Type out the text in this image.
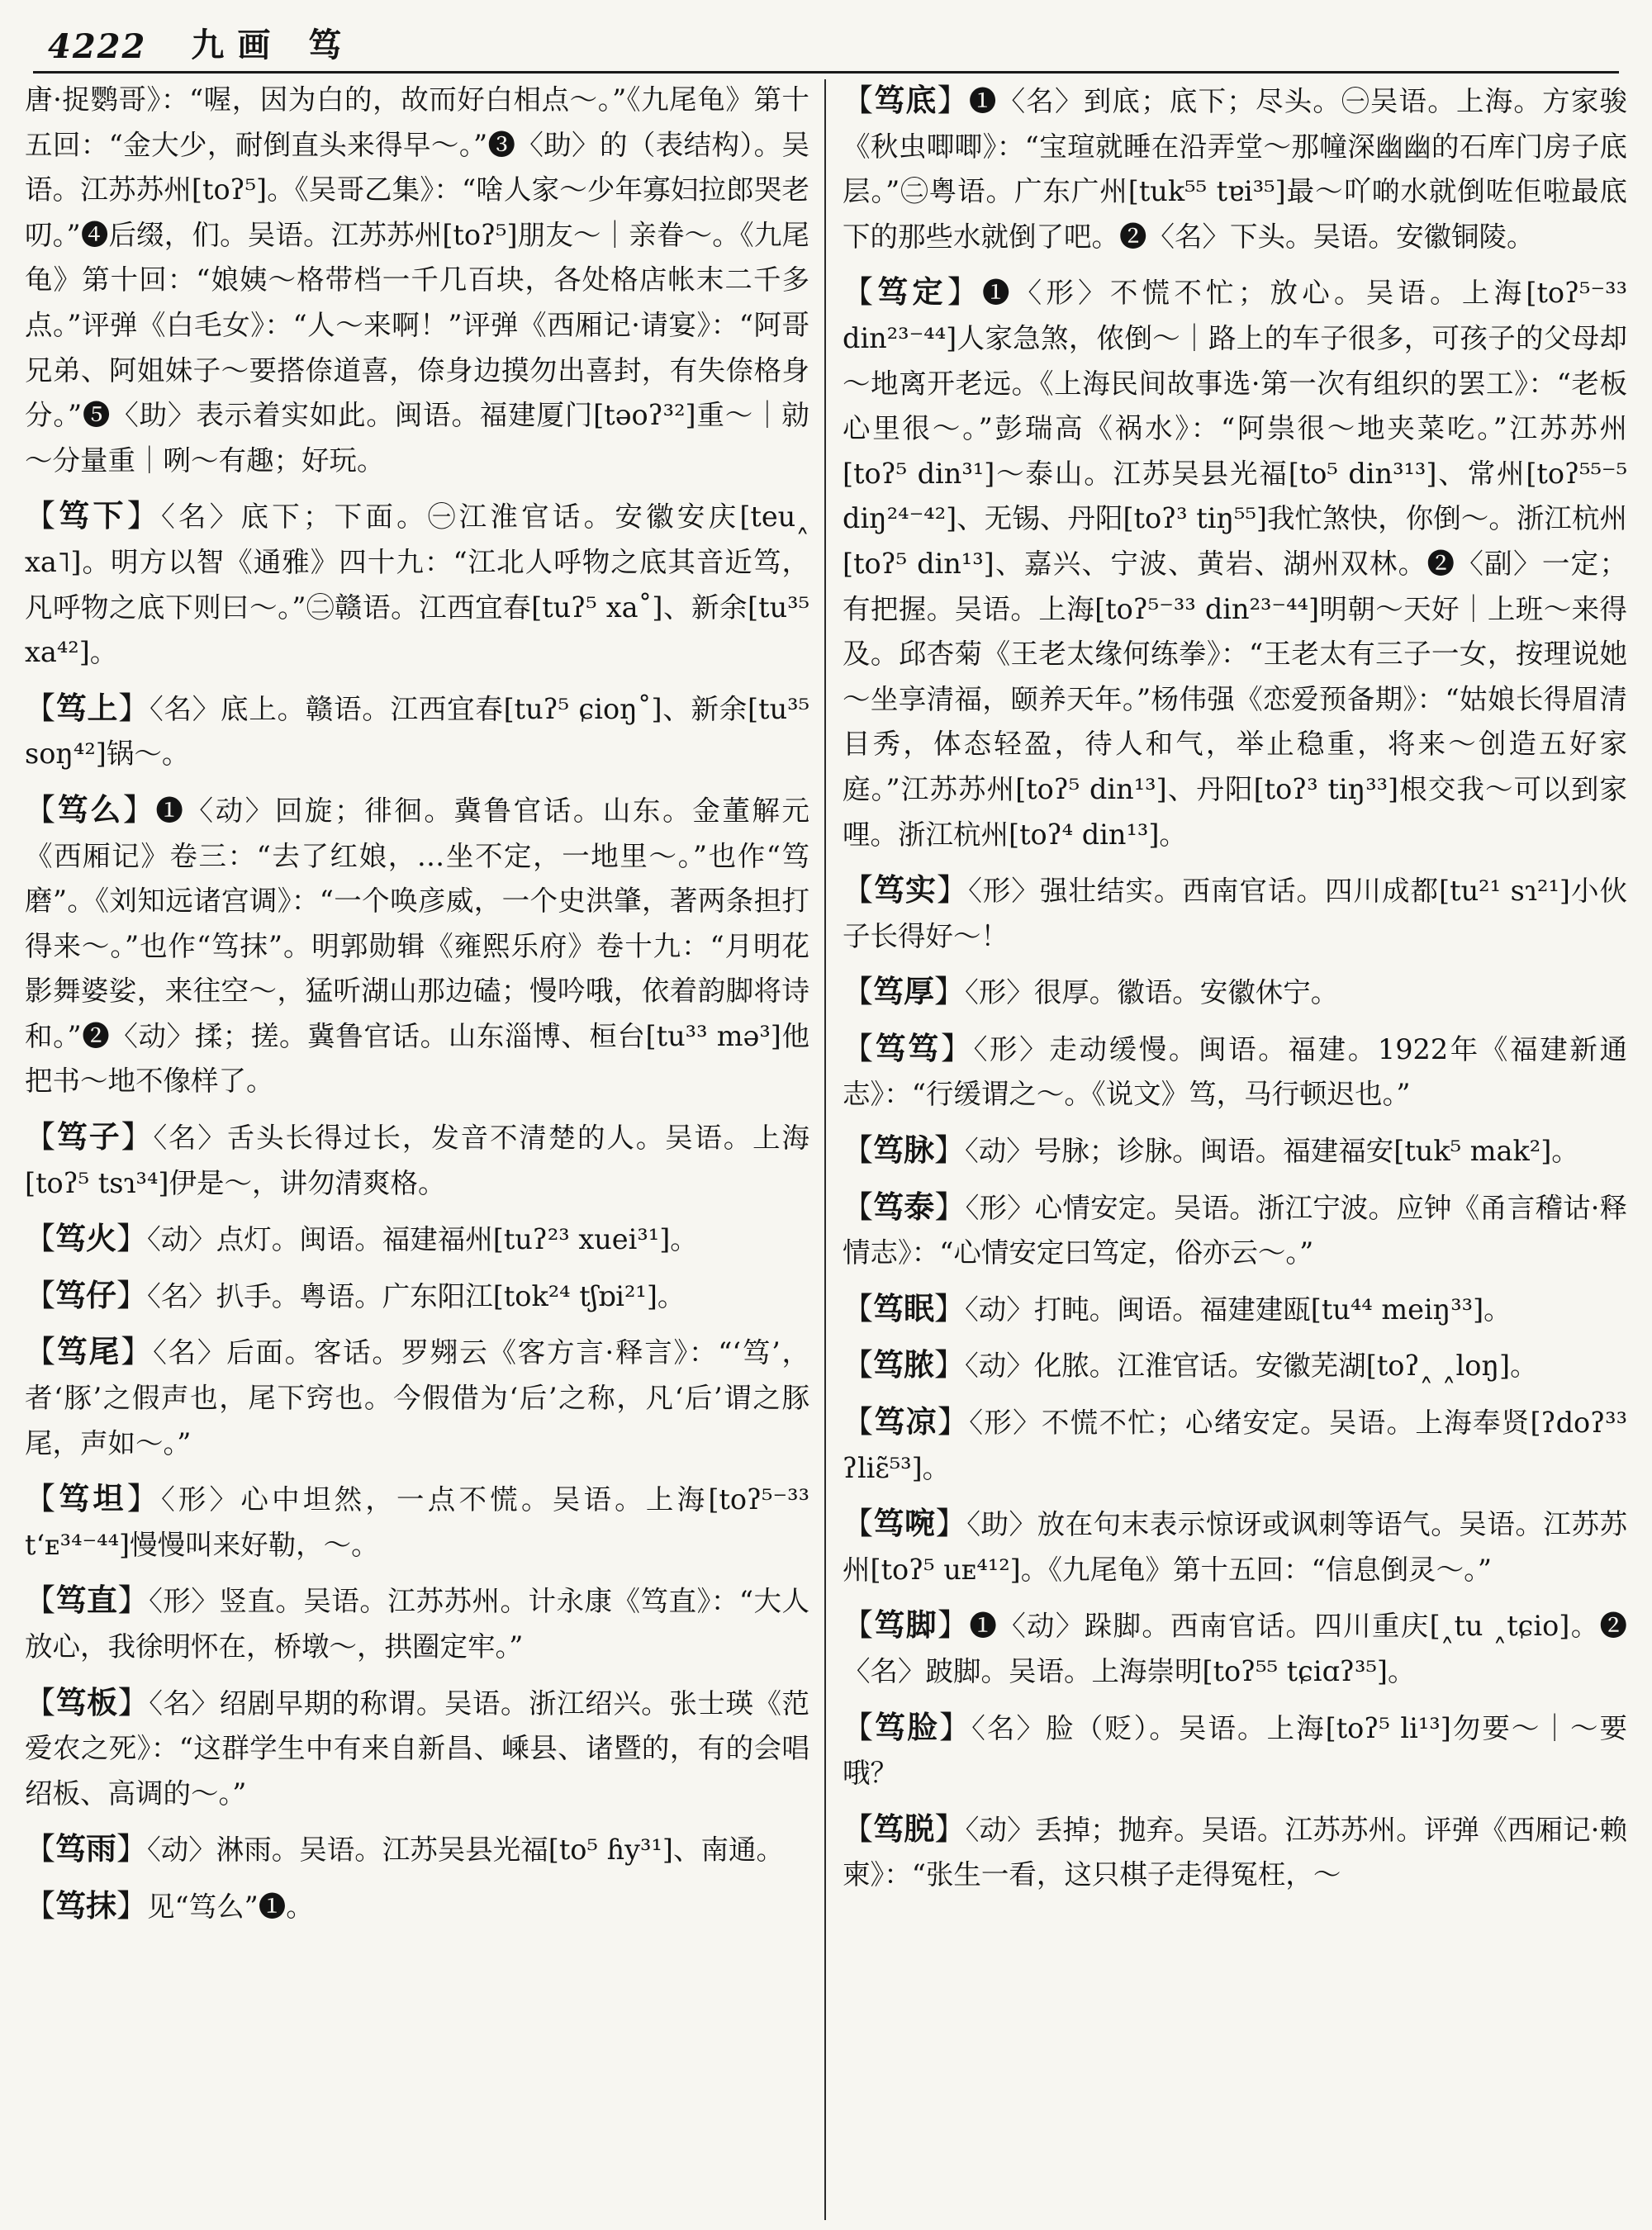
4222 九画 笃
唐·捉鹦哥》：“喔，因为白的，故而好白相点～。”《九尾龟》第十五回：“金大少，耐倒直头来得早～。”❸〈助〉的（表结构）。吴语。江苏苏州[toʔ⁵]。《吴哥乙集》：“啥人家～少年寡妇拉郎哭老叨。”❹后缀，们。吴语。江苏苏州[toʔ⁵]朋友～｜亲眷～。《九尾龟》第十回：“娘姨～格带档一千几百块，各处格店帐末二千多点。”评弹《白毛女》：“人～来啊！”评弹《西厢记·请宴》：“阿哥兄弟、阿姐妹子～要搭倷道喜，倷身边摸勿出喜封，有失倷格身分。”❺〈助〉表示着实如此。闽语。福建厦门[təoʔ³²]重～｜勍～分量重｜咧～有趣；好玩。
【笃下】〈名〉底下；下面。㊀江淮官话。安徽安庆[teu˰ xa˥]。明方以智《通雅》四十九：“江北人呼物之底其音近笃，凡呼物之底下则曰～。”㊁赣语。江西宜春[tuʔ⁵ xa˚]、新余[tu³⁵ xa⁴²]。
【笃上】〈名〉底上。赣语。江西宜春[tuʔ⁵ ɕioŋ˚]、新余[tu³⁵ soŋ⁴²]锅～。
【笃么】❶〈动〉回旋；徘徊。冀鲁官话。山东。金董解元《西厢记》卷三：“去了红娘，…坐不定，一地里～。”也作“笃磨”。《刘知远诸宫调》：“一个唤彦威，一个史洪肇，著两条担打得来～。”也作“笃抹”。明郭勋辑《雍熙乐府》卷十九：“月明花影舞婆娑，来往空～，猛听湖山那边磕；慢吟哦，依着韵脚将诗和。”❷〈动〉揉；搓。冀鲁官话。山东淄博、桓台[tu³³ mə³]他把书～地不像样了。
【笃子】〈名〉舌头长得过长，发音不清楚的人。吴语。上海[toʔ⁵ tsɿ³⁴]伊是～，讲勿清爽格。
【笃火】〈动〉点灯。闽语。福建福州[tuʔ²³ xuei³¹]。
【笃仔】〈名〉扒手。粤语。广东阳江[tok²⁴ tʃɒi²¹]。
【笃尾】〈名〉后面。客话。罗翙云《客方言·释言》：“‘笃’，者‘豚’之假声也，尾下窍也。今假借为‘后’之称，凡‘后’谓之豚尾，声如～。”
【笃坦】〈形〉心中坦然，一点不慌。吴语。上海[toʔ⁵⁻³³ tʻᴇ³⁴⁻⁴⁴]慢慢叫来好勒，～。
【笃直】〈形〉竖直。吴语。江苏苏州。计永康《笃直》：“大人放心，我徐明怀在，桥墩～，拱圈定牢。”
【笃板】〈名〉绍剧早期的称谓。吴语。浙江绍兴。张士瑛《范爱农之死》：“这群学生中有来自新昌、嵊县、诸暨的，有的会唱绍板、高调的～。”
【笃雨】〈动〉淋雨。吴语。江苏吴县光福[to⁵ ɦy³¹]、南通。
【笃抹】见“笃么”❶。
【笃底】❶〈名〉到底；底下；尽头。㊀吴语。上海。方家骏《秋虫唧唧》：“宝瑄就睡在沿弄堂～那幢深幽幽的石库门房子底层。”㊁粤语。广东广州[tuk⁵⁵ tɐi³⁵]最～吖啲水就倒咗佢啦最底下的那些水就倒了吧。❷〈名〉下头。吴语。安徽铜陵。
【笃定】❶〈形〉不慌不忙；放心。吴语。上海[toʔ⁵⁻³³ din²³⁻⁴⁴]人家急煞，侬倒～｜路上的车子很多，可孩子的父母却～地离开老远。《上海民间故事选·第一次有组织的罢工》：“老板心里很～。”彭瑞高《祸水》：“阿祟很～地夹菜吃。”江苏苏州[toʔ⁵ din³¹]～泰山。江苏吴县光福[to⁵ din³¹³]、常州[toʔ⁵⁵⁻⁵ diŋ²⁴⁻⁴²]、无锡、丹阳[toʔ³ tiŋ⁵⁵]我忙煞快，你倒～。浙江杭州[toʔ⁵ din¹³]、嘉兴、宁波、黄岩、湖州双林。❷〈副〉一定；有把握。吴语。上海[toʔ⁵⁻³³ din²³⁻⁴⁴]明朝～天好｜上班～来得及。邱杏菊《王老太缘何练拳》：“王老太有三子一女，按理说她～坐享清福，颐养天年。”杨伟强《恋爱预备期》：“姑娘长得眉清目秀，体态轻盈，待人和气，举止稳重，将来～创造五好家庭。”江苏苏州[toʔ⁵ din¹³]、丹阳[toʔ³ tiŋ³³]根交我～可以到家哩。浙江杭州[toʔ⁴ din¹³]。
【笃实】〈形〉强壮结实。西南官话。四川成都[tu²¹ sɿ²¹]小伙子长得好～！
【笃厚】〈形〉很厚。徽语。安徽休宁。
【笃笃】〈形〉走动缓慢。闽语。福建。1922年《福建新通志》：“行缓谓之～。《说文》笃，马行顿迟也。”
【笃脉】〈动〉号脉；诊脉。闽语。福建福安[tuk⁵ mak²]。
【笃泰】〈形〉心情安定。吴语。浙江宁波。应钟《甬言稽诂·释情志》：“心情安定曰笃定，俗亦云～。”
【笃眠】〈动〉打盹。闽语。福建建瓯[tu⁴⁴ meiŋ³³]。
【笃脓】〈动〉化脓。江淮官话。安徽芜湖[toʔ˰ ˰loŋ]。
【笃凉】〈形〉不慌不忙；心绪安定。吴语。上海奉贤[ʔdoʔ³³ ʔliɛ̃⁵³]。
【笃啘】〈助〉放在句末表示惊讶或讽刺等语气。吴语。江苏苏州[toʔ⁵ uᴇ⁴¹²]。《九尾龟》第十五回：“信息倒灵～。”
【笃脚】❶〈动〉跺脚。西南官话。四川重庆[˰tu ˰tɕio]。❷〈名〉跛脚。吴语。上海崇明[toʔ⁵⁵ tɕiɑʔ³⁵]。
【笃脸】〈名〉脸（贬）。吴语。上海[toʔ⁵ li¹³]勿要～｜～要哦？
【笃脱】〈动〉丢掉；抛弃。吴语。江苏苏州。评弹《西厢记·赖柬》：“张生一看，这只棋子走得冤枉，～
